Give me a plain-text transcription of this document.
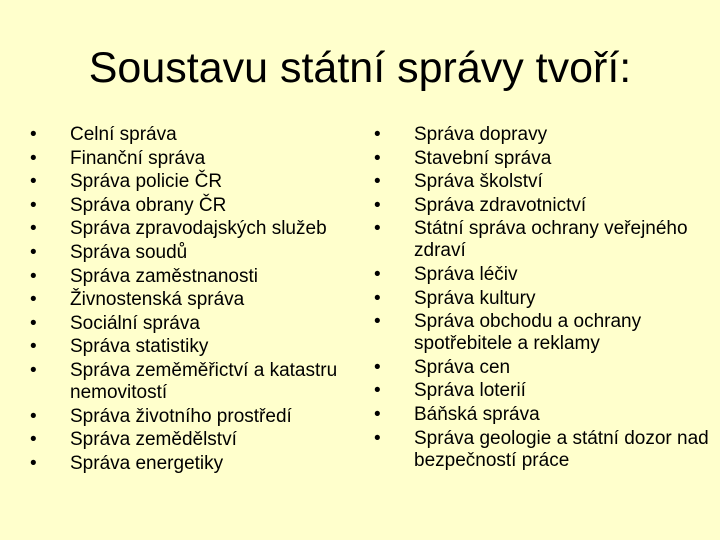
Soustavu státní správy tvoří:
•	Celní správa
•	Finanční správa
•	Správa policie ČR
•	Správa obrany ČR
•	Správa zpravodajských služeb
•	Správa soudů
•	Správa zaměstnanosti
•	Živnostenská správa
•	Sociální správa
•	Správa statistiky
•	Správa zeměměřictví a katastru nemovitostí
•	Správa životního prostředí
•	Správa zemědělství
•	Správa energetiky
•	Správa dopravy
•	Stavební správa
•	Správa školství
•	Správa zdravotnictví
•	Státní správa ochrany veřejného zdraví
•	Správa léčiv
•	Správa kultury
•	Správa obchodu a ochrany spotřebitele a reklamy
•	Správa cen
•	Správa loterií
•	Báňská správa
•	Správa geologie a státní dozor nad bezpečností práce
